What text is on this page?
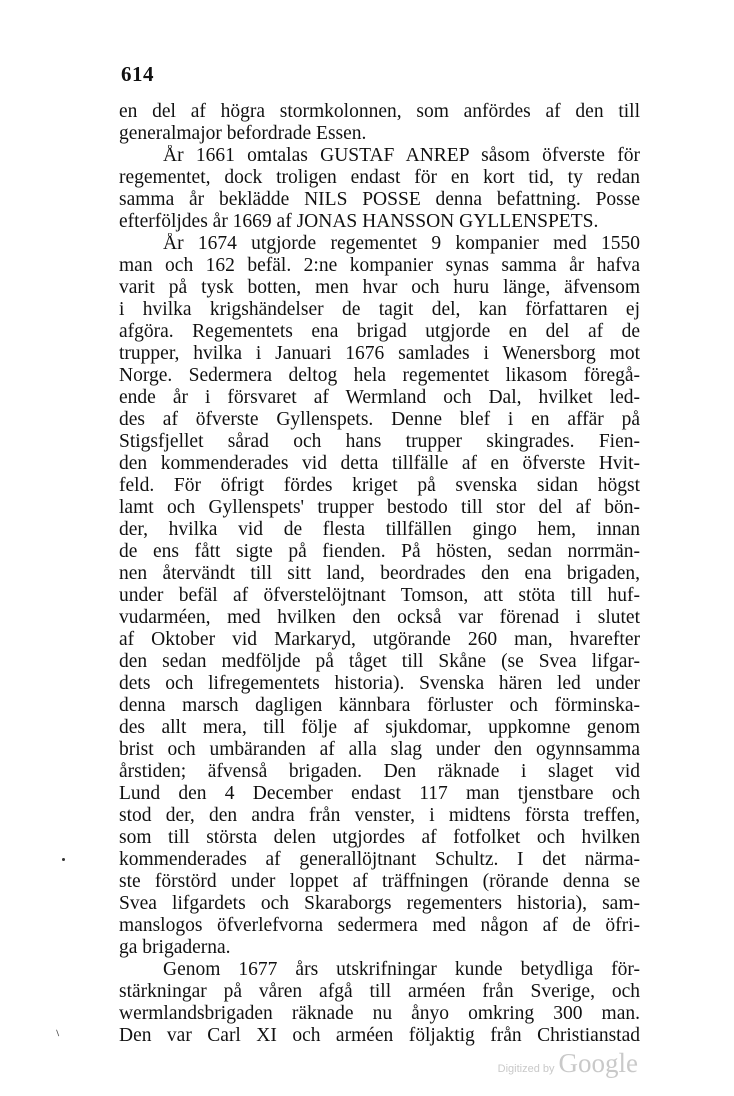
614
en del af högra stormkolonnen, som anfördes af den till
generalmajor befordrade Essen.
År 1661 omtalas GUSTAF ANREP såsom öfverste för
regementet, dock troligen endast för en kort tid, ty redan
samma år beklädde NILS POSSE denna befattning. Posse
efterföljdes år 1669 af JONAS HANSSON GYLLENSPETS.
År 1674 utgjorde regementet 9 kompanier med 1550
man och 162 befäl. 2:ne kompanier synas samma år hafva
varit på tysk botten, men hvar och huru länge, äfvensom
i hvilka krigshändelser de tagit del, kan författaren ej
afgöra. Regementets ena brigad utgjorde en del af de
trupper, hvilka i Januari 1676 samlades i Wenersborg mot
Norge. Sedermera deltog hela regementet likasom föregå-
ende år i försvaret af Wermland och Dal, hvilket led-
des af öfverste Gyllenspets. Denne blef i en affär på
Stigsfjellet sårad och hans trupper skingrades. Fien-
den kommenderades vid detta tillfälle af en öfverste Hvit-
feld. För öfrigt fördes kriget på svenska sidan högst
lamt och Gyllenspets' trupper bestodo till stor del af bön-
der, hvilka vid de flesta tillfällen gingo hem, innan
de ens fått sigte på fienden. På hösten, sedan norrmän-
nen återvändt till sitt land, beordrades den ena brigaden,
under befäl af öfverstelöjtnant Tomson, att stöta till huf-
vudarméen, med hvilken den också var förenad i slutet
af Oktober vid Markaryd, utgörande 260 man, hvarefter
den sedan medföljde på tåget till Skåne (se Svea lifgar-
dets och lifregementets historia). Svenska hären led under
denna marsch dagligen kännbara förluster och förminska-
des allt mera, till följe af sjukdomar, uppkomne genom
brist och umbäranden af alla slag under den ogynnsamma
årstiden; äfvenså brigaden. Den räknade i slaget vid
Lund den 4 December endast 117 man tjenstbare och
stod der, den andra från venster, i midtens första treffen,
som till största delen utgjordes af fotfolket och hvilken
kommenderades af generallöjtnant Schultz. I det närma-
ste förstörd under loppet af träffningen (rörande denna se
Svea lifgardets och Skaraborgs regementers historia), sam-
manslogos öfverlefvorna sedermera med någon af de öfri-
ga brigaderna.
Genom 1677 års utskrifningar kunde betydliga för-
stärkningar på våren afgå till arméen från Sverige, och
wermlandsbrigaden räknade nu ånyo omkring 300 man.
Den var Carl XI och arméen följaktig från Christianstad
⸌
Digitized by Google
